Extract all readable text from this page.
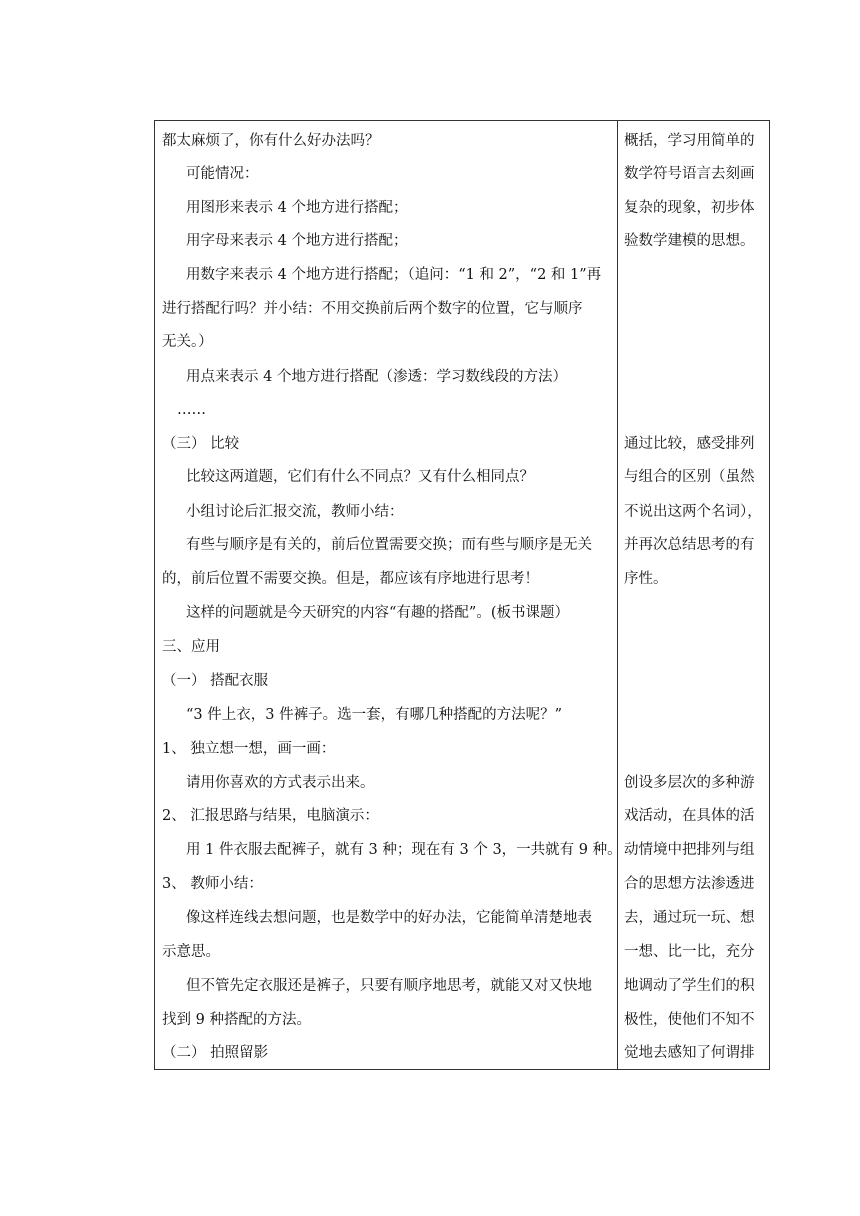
都太麻烦了，你有什么好办法吗？
可能情况：
用图形来表示 4 个地方进行搭配；
用字母来表示 4 个地方进行搭配；
用数字来表示 4 个地方进行搭配；（追问：“1 和 2”，“2 和 1”再
进行搭配行吗？并小结：不用交换前后两个数字的位置，它与顺序
无关。）
用点来表示 4 个地方进行搭配（渗透：学习数线段的方法）
……
（三） 比较
比较这两道题，它们有什么不同点？又有什么相同点？
小组讨论后汇报交流，教师小结：
有些与顺序是有关的，前后位置需要交换；而有些与顺序是无关
的，前后位置不需要交换。但是，都应该有序地进行思考！
这样的问题就是今天研究的内容“有趣的搭配”。(板书课题）
三、应用
（一） 搭配衣服
“3 件上衣，3 件裤子。选一套，有哪几种搭配的方法呢？”
1、 独立想一想，画一画：
请用你喜欢的方式表示出来。
2、 汇报思路与结果，电脑演示：
用 1 件衣服去配裤子，就有 3 种；现在有 3 个 3，一共就有 9 种。
3、 教师小结：
像这样连线去想问题，也是数学中的好办法，它能简单清楚地表
示意思。
但不管先定衣服还是裤子，只要有顺序地思考，就能又对又快地
找到 9 种搭配的方法。
（二） 拍照留影
概括，学习用简单的
数学符号语言去刻画
复杂的现象，初步体
验数学建模的思想。
通过比较，感受排列
与组合的区别（虽然
不说出这两个名词），
并再次总结思考的有
序性。
创设多层次的多种游
戏活动，在具体的活
动情境中把排列与组
合的思想方法渗透进
去，通过玩一玩、想
一想、比一比，充分
地调动了学生们的积
极性，使他们不知不
觉地去感知了何谓排
